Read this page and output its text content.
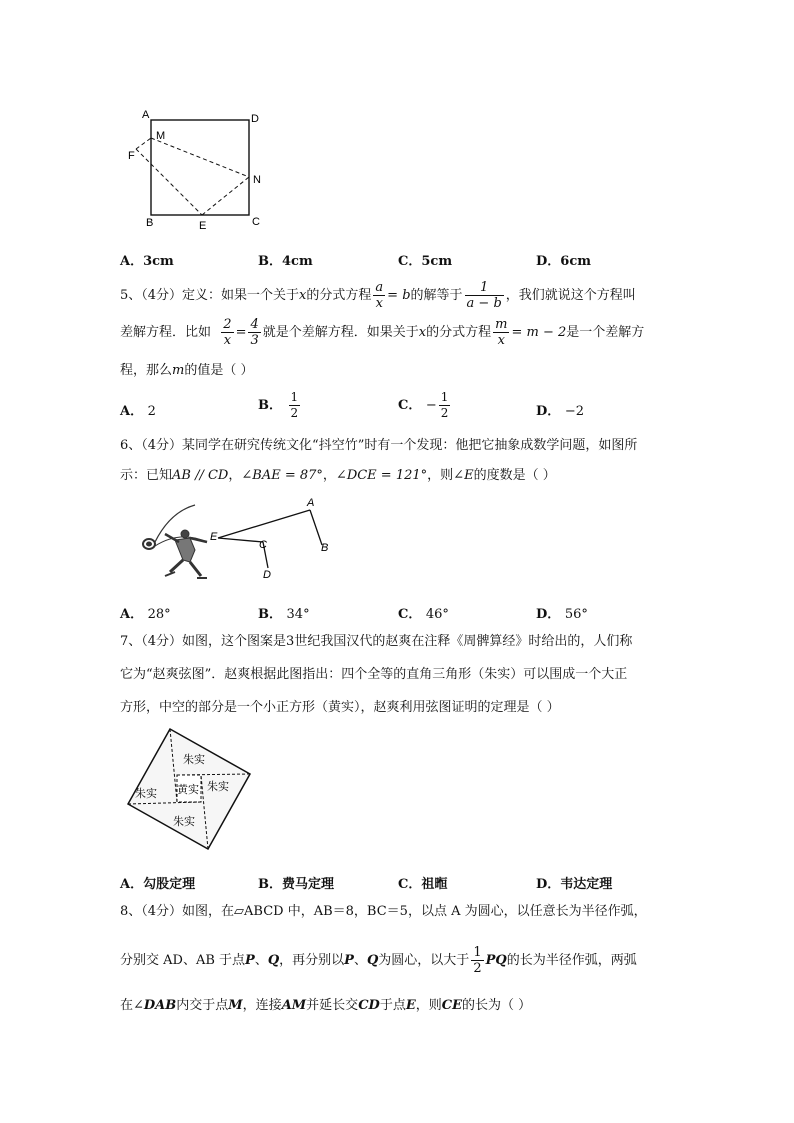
A	D
M
F
N
B	E	C
A．3cm	B．4cm	C．5cm	D．6cm
5、（4分）定义：如果一个关于x的分式方程 $\frac{a}{x} = b$的解等于 $\frac{1}{a - b}$ ，我们就说这个方程叫
差解方程．比如 $\frac{2}{x} = \frac{4}{3}$ 就是个差解方程．如果关于x的分式方程 $\frac{m}{x} = m - 2$是一个差解方
程，那么m的值是（ ）
A． 2	B． $\frac{1}{2}$	C． − $\frac{1}{2}$	D． −2
6、（4分）某同学在研究传统文化“抖空竹”时有一个发现：他把它抽象成数学问题，如图所
示：已知AB // CD，∠BAE = 87°，∠DCE = 121°，则∠E的度数是（ ）
E
A
B
C
D
A． 28°	B． 34°	C． 46°	D． 56°
7、（4分）如图，这个图案是3世纪我国汉代的赵爽在注释《周髀算经》时给出的，人们称
它为“赵爽弦图”．赵爽根据此图指出：四个全等的直角三角形（朱实）可以围成一个大正
方形，中空的部分是一个小正方形（黄实），赵爽利用弦图证明的定理是（ ）
朱实
朱实 黄实 朱实
朱实
A．勾股定理	B．费马定理	C．祖暅	D．韦达定理
8、（4分）如图，在▱ABCD 中，AB＝8，BC＝5，以点 A 为圆心，以任意长为半径作弧，
分别交 AD、AB 于点P、Q，再分别以P、Q为圆心，以大于 $\frac{1}{2}$ PQ的长为半径作弧，两弧
在∠DAB内交于点M，连接AM并延长交CD于点E，则CE的长为（ ）
